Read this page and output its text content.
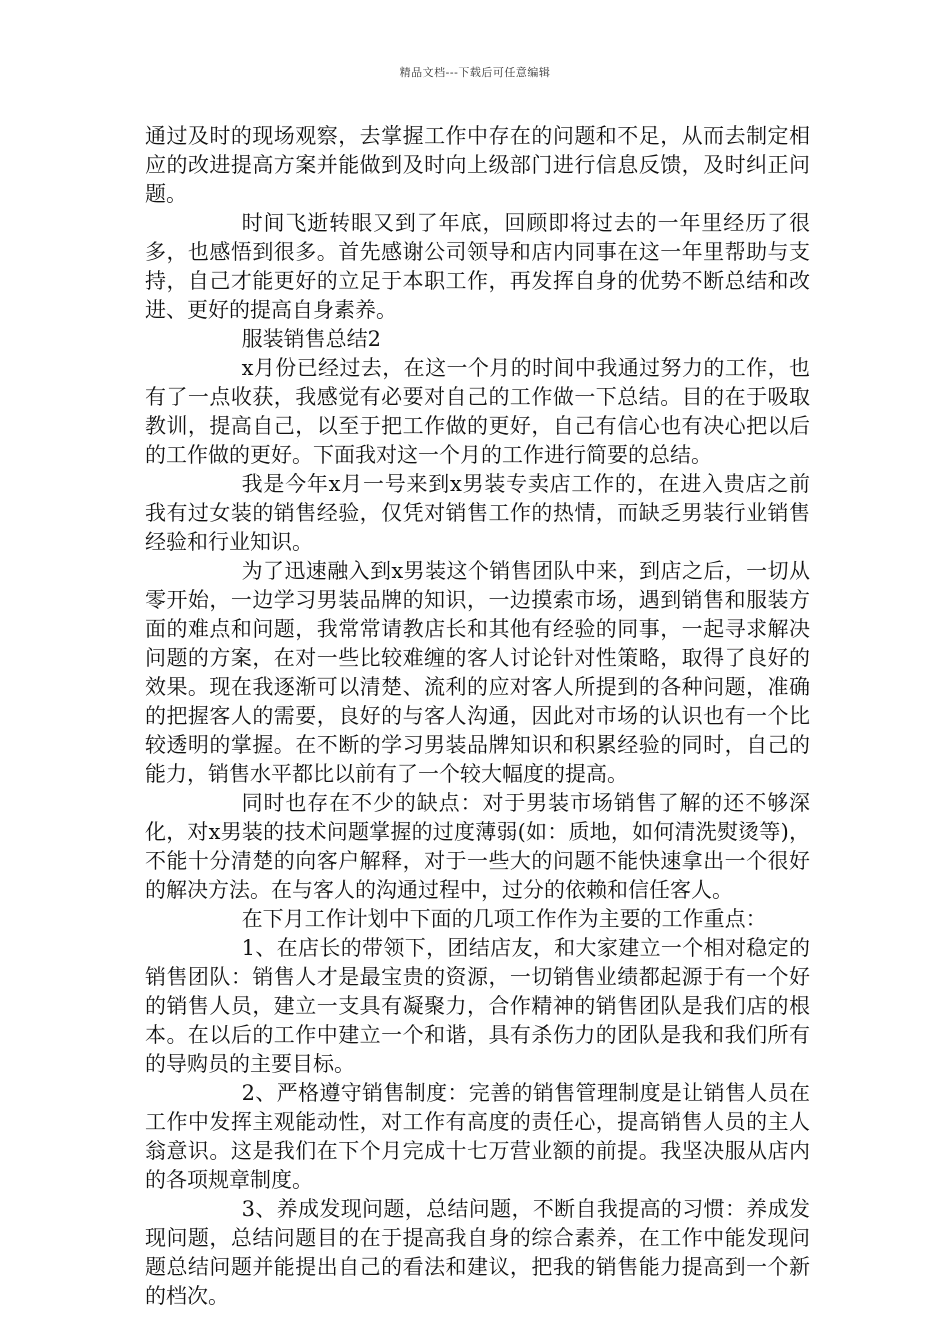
精品文档---下载后可任意编辑

通过及时的现场观察，去掌握工作中存在的问题和不足，从而去制定相应的改进提高方案并能做到及时向上级部门进行信息反馈，及时纠正问题。

时间飞逝转眼又到了年底，回顾即将过去的一年里经历了很多，也感悟到很多。首先感谢公司领导和店内同事在这一年里帮助与支持，自己才能更好的立足于本职工作，再发挥自身的优势不断总结和改进、更好的提高自身素养。

服装销售总结2

x月份已经过去，在这一个月的时间中我通过努力的工作，也有了一点收获，我感觉有必要对自己的工作做一下总结。目的在于吸取教训，提高自己，以至于把工作做的更好，自己有信心也有决心把以后的工作做的更好。下面我对这一个月的工作进行简要的总结。

我是今年x月一号来到x男装专卖店工作的，在进入贵店之前我有过女装的销售经验，仅凭对销售工作的热情，而缺乏男装行业销售经验和行业知识。

为了迅速融入到x男装这个销售团队中来，到店之后，一切从零开始，一边学习男装品牌的知识，一边摸索市场，遇到销售和服装方面的难点和问题，我常常请教店长和其他有经验的同事，一起寻求解决问题的方案，在对一些比较难缠的客人讨论针对性策略，取得了良好的效果。现在我逐渐可以清楚、流利的应对客人所提到的各种问题，准确的把握客人的需要，良好的与客人沟通，因此对市场的认识也有一个比较透明的掌握。在不断的学习男装品牌知识和积累经验的同时，自己的能力，销售水平都比以前有了一个较大幅度的提高。

同时也存在不少的缺点：对于男装市场销售了解的还不够深化，对x男装的技术问题掌握的过度薄弱(如：质地，如何清洗熨烫等)，不能十分清楚的向客户解释，对于一些大的问题不能快速拿出一个很好的解决方法。在与客人的沟通过程中，过分的依赖和信任客人。

在下月工作计划中下面的几项工作作为主要的工作重点：

1、在店长的带领下，团结店友，和大家建立一个相对稳定的销售团队：销售人才是最宝贵的资源，一切销售业绩都起源于有一个好的销售人员，建立一支具有凝聚力，合作精神的销售团队是我们店的根本。在以后的工作中建立一个和谐，具有杀伤力的团队是我和我们所有的导购员的主要目标。

2、严格遵守销售制度：完善的销售管理制度是让销售人员在工作中发挥主观能动性，对工作有高度的责任心，提高销售人员的主人翁意识。这是我们在下个月完成十七万营业额的前提。我坚决服从店内的各项规章制度。

3、养成发现问题，总结问题，不断自我提高的习惯：养成发现问题，总结问题目的在于提高我自身的综合素养，在工作中能发现问题总结问题并能提出自己的看法和建议，把我的销售能力提高到一个新的档次。
